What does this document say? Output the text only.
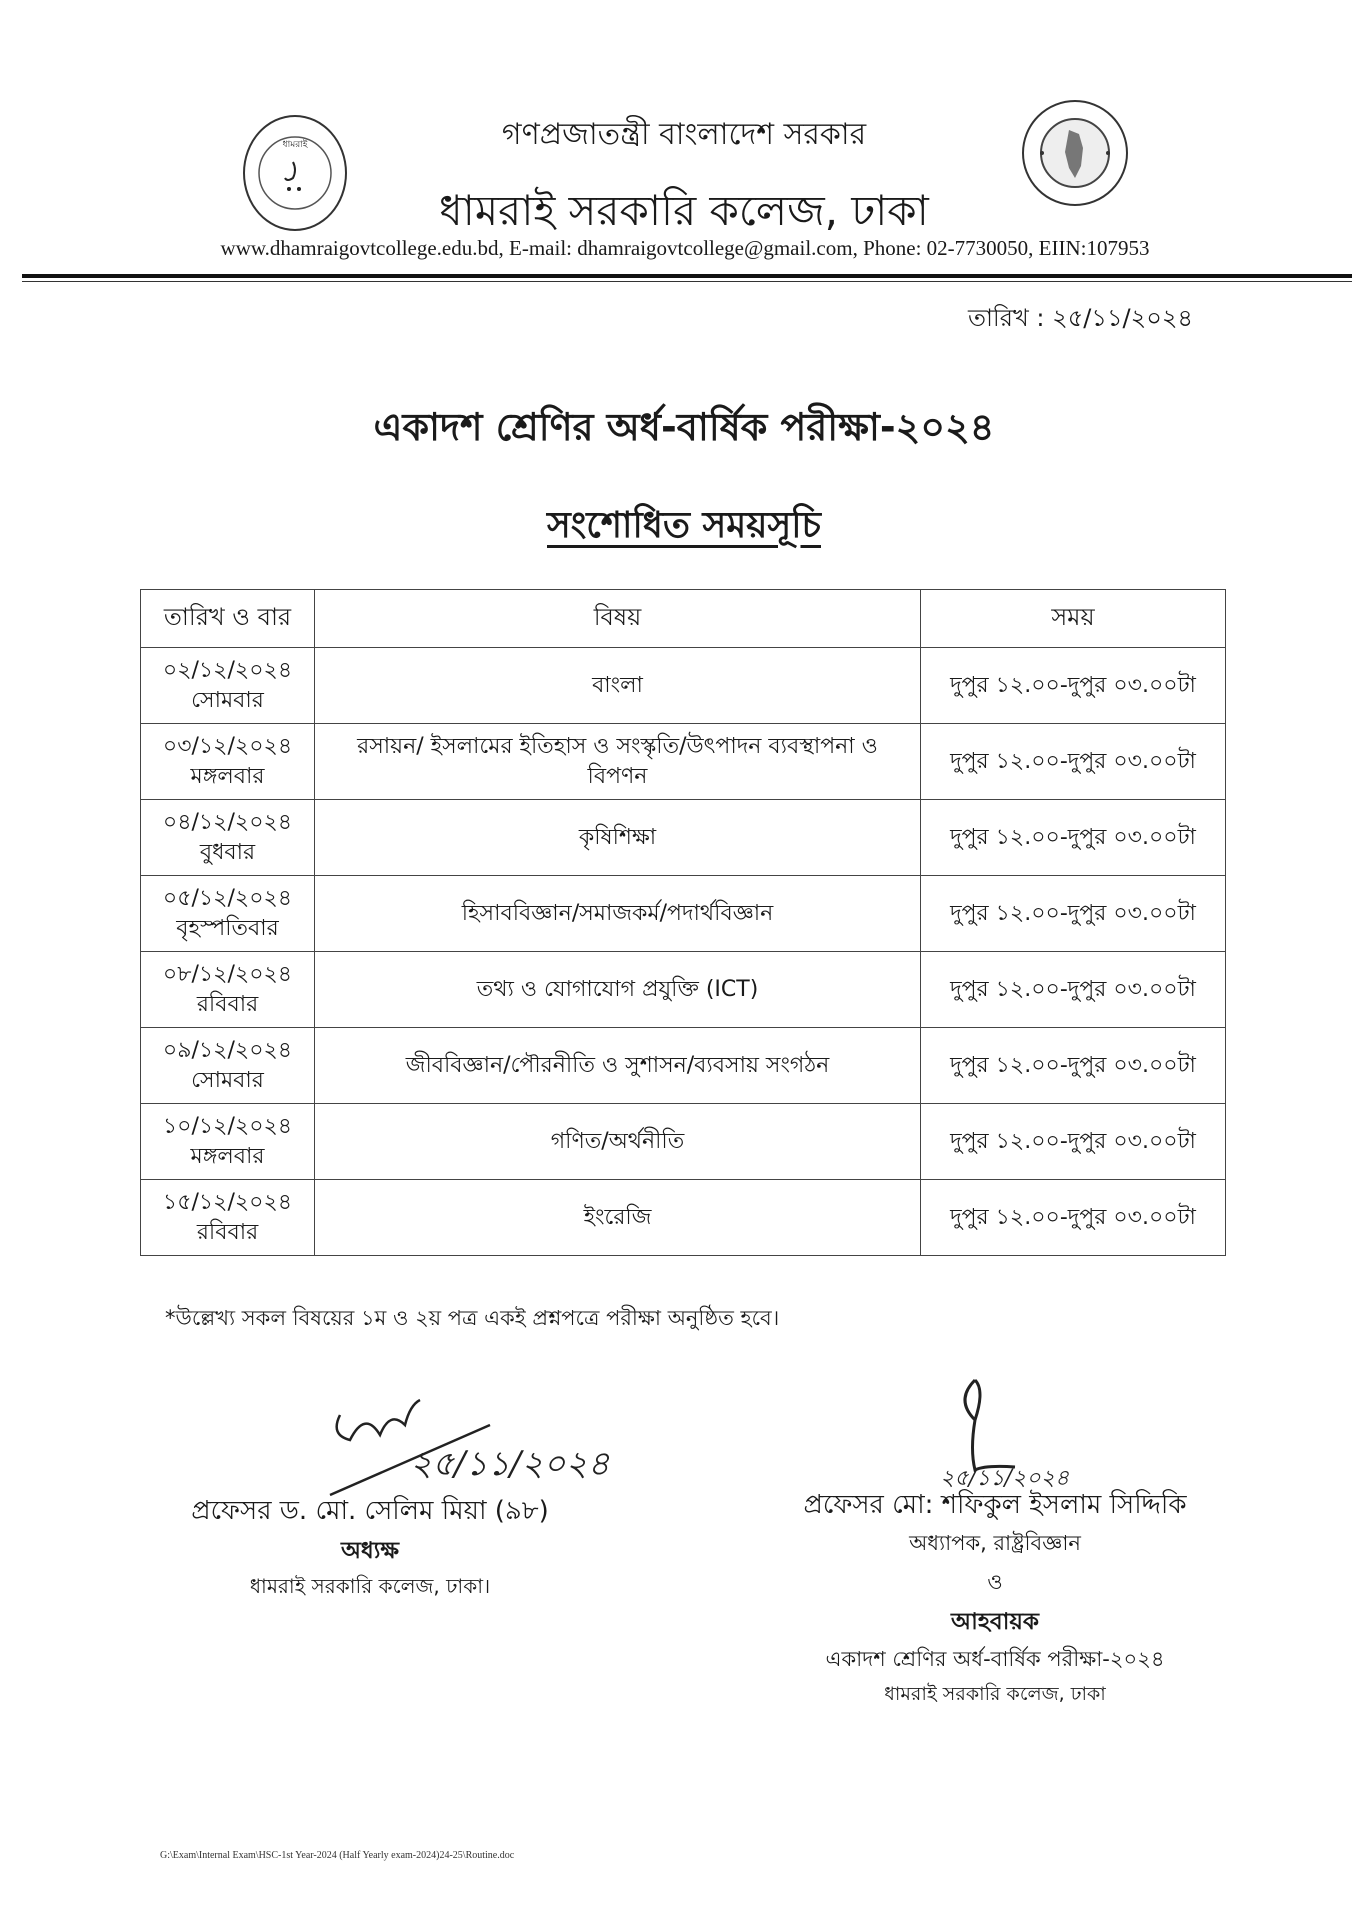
ধামরাই	গণপ্রজাতন্ত্রী বাংলাদেশ সরকার
ধামরাই সরকারি কলেজ, ঢাকা
www.dhamraigovtcollege.edu.bd, E-mail: dhamraigovtcollege@gmail.com, Phone: 02-7730050, EIIN:107953
তারিখ : ২৫/১১/২০২৪
একাদশ শ্রেণির অর্ধ-বার্ষিক পরীক্ষা-২০২৪
সংশোধিত সময়সূচি
তারিখ ও বার	বিষয়	সময়

০২/১২/২০২৪
সোমবার	বাংলা	দুপুর ১২.০০-দুপুর ০৩.০০টা

০৩/১২/২০২৪
মঙ্গলবার	রসায়ন/ ইসলামের ইতিহাস ও সংস্কৃতি/উৎপাদন ব্যবস্থাপনা ও বিপণন	দুপুর ১২.০০-দুপুর ০৩.০০টা

০৪/১২/২০২৪
বুধবার	কৃষিশিক্ষা	দুপুর ১২.০০-দুপুর ০৩.০০টা

০৫/১২/২০২৪
বৃহস্পতিবার	হিসাববিজ্ঞান/সমাজকর্ম/পদার্থবিজ্ঞান	দুপুর ১২.০০-দুপুর ০৩.০০টা

০৮/১২/২০২৪
রবিবার	তথ্য ও যোগাযোগ প্রযুক্তি (ICT)	দুপুর ১২.০০-দুপুর ০৩.০০টা

০৯/১২/২০২৪
সোমবার	জীববিজ্ঞান/পৌরনীতি ও সুশাসন/ব্যবসায় সংগঠন	দুপুর ১২.০০-দুপুর ০৩.০০টা

১০/১২/২০২৪
মঙ্গলবার	গণিত/অর্থনীতি	দুপুর ১২.০০-দুপুর ০৩.০০টা

১৫/১২/২০২৪
রবিবার	ইংরেজি	দুপুর ১২.০০-দুপুর ০৩.০০টা
*উল্লেখ্য সকল বিষয়ের ১ম ও ২য় পত্র একই প্রশ্নপত্রে পরীক্ষা অনুষ্ঠিত হবে।
২৫/১১/২০২৪
প্রফেসর ড. মো. সেলিম মিয়া (৯৮)
অধ্যক্ষ
ধামরাই সরকারি কলেজ, ঢাকা।
২৫/১১/২০২৪
প্রফেসর মো: শফিকুল ইসলাম সিদ্দিকি
অধ্যাপক, রাষ্ট্রবিজ্ঞান
ও
আহবায়ক
একাদশ শ্রেণির অর্ধ-বার্ষিক পরীক্ষা-২০২৪
ধামরাই সরকারি কলেজ, ঢাকা
G:\Exam\Internal Exam\HSC-1st Year-2024 (Half Yearly exam-2024)24-25\Routine.doc
